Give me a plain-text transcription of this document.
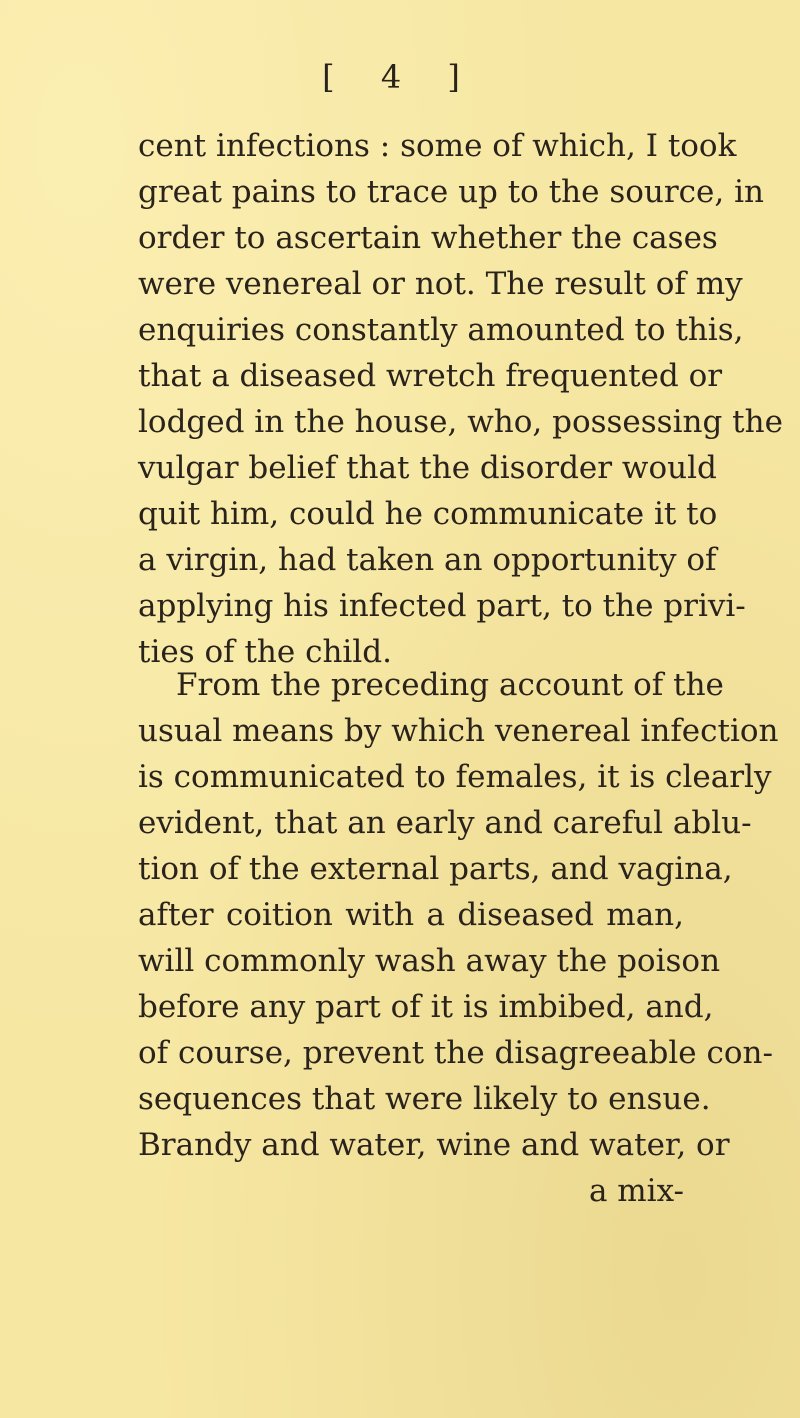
[ 4 ]
cent infections : some of which, I took
great pains to trace up to the source, in
order to ascertain whether the cases
were venereal or not. The result of my
enquiries constantly amounted to this,
that a diseased wretch frequented or
lodged in the house, who, possessing the
vulgar belief that the disorder would
quit him, could he communicate it to
a virgin, had taken an opportunity of
applying his infected part, to the privi-
ties of the child.
From the preceding account of the
usual means by which venereal infection
is communicated to females, it is clearly
evident, that an early and careful ablu-
tion of the external parts, and vagina,
after coition with a diseased man,
will commonly wash away the poison
before any part of it is imbibed, and,
of course, prevent the disagreeable con-
sequences that were likely to ensue.
Brandy and water, wine and water, or
a mix-
